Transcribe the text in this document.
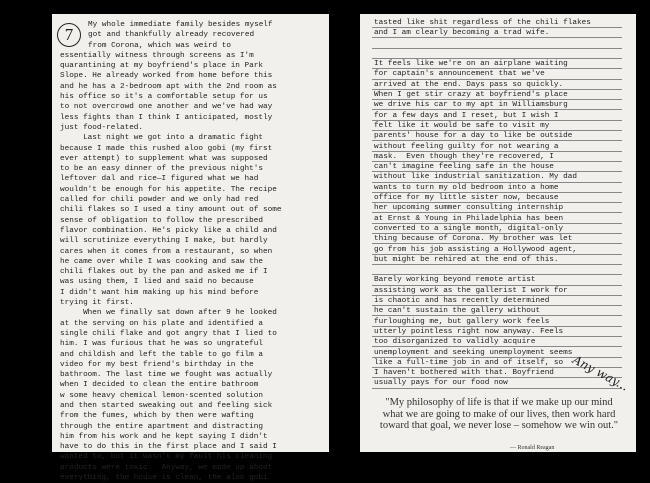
7	My whole immediate family besides myself
got and thankfully already recovered
from Corona, which was weird to
essentially witness through screens as I'm
quarantining at my boyfriend's place in Park
Slope. He already worked from home before this
and he has a 2-bedroom apt with the 2nd room as
his office so it's a comfortable setup for us
to not overcrowd one another and we've had way
less fights than I think I anticipated, mostly
just food-related.
Last night we got into a dramatic fight
because I made this rushed aloo gobi (my first
ever attempt) to supplement what was supposed
to be an easy dinner of the previous night's
leftover dal and rice—I figured what we had
wouldn't be enough for his appetite. The recipe
called for chili powder and we only had red
chili flakes so I used a tiny amount out of some
sense of obligation to follow the prescribed
flavor combination. He's picky like a child and
will scrutinize everything I make, but hardly
cares when it comes from a restaurant, so when
he came over while I was cooking and saw the
chili flakes out by the pan and asked me if I
was using them, I lied and said no because
I didn't want him making up his mind before
trying it first.
When we finally sat down after 9 he looked
at the serving on his plate and identified a
single chili flake and got angry that I lied to
him. I was furious that he was so ungrateful
and childish and left the table to go film a
video for my best friend's birthday in the
bathroom. The last time we fought was actually
when I decided to clean the entire bathroom
w some heavy chemical lemon-scented solution
and then started sweaking out and feeling sick
from the fumes, which by then were wafting
through the entire apartment and distracting
him from his work and he kept saying I didn't
have to do this in the first place and I said I
wanted to, but it wasn't my fault his cleaning
products were toxic.  Anyway, we made up about
everything, the house is clean, the aloo gobi
tasted like shit regardless of the chili flakes
and I am clearly becoming a trad wife.

It feels like we're on an airplane waiting
for captain's announcement that we've
arrived at the end. Days pass so quickly.
When I get stir crazy at boyfriend's place
we drive his car to my apt in Williamsburg
for a few days and I reset, but I wish I
felt like it would be safe to visit my
parents' house for a day to like be outside
without feeling guilty for not wearing a
mask.  Even though they're recovered, I
can't imagine feeling safe in the house
without like industrial sanitization. My dad
wants to turn my old bedroom into a home
office for my little sister now, because
her upcoming summer consulting internship
at Ernst & Young in Philadelphia has been
converted to a single month, digital-only
thing because of Corona. My brother was let
go from his job assisting a Hollywood agent,
but might be rehired at the end of this.

Barely working beyond remote artist
assisting work as the gallerist I work for
is chaotic and has recently determined
he can't sustain the gallery without
furloughing me, but gallery work feels
utterly pointless right now anyway. Feels
too disorganized to validly acquire
unemployment and seeking unemployment seems
like a full-time job in and of itself, so
I haven't bothered with that. Boyfriend
usually pays for our food now	Any way...
"My philosophy of life is that if we make up our mind what we are going to make of our lives, then work hard toward that goal, we never lose – somehow we win out."
— Ronald Reagan
